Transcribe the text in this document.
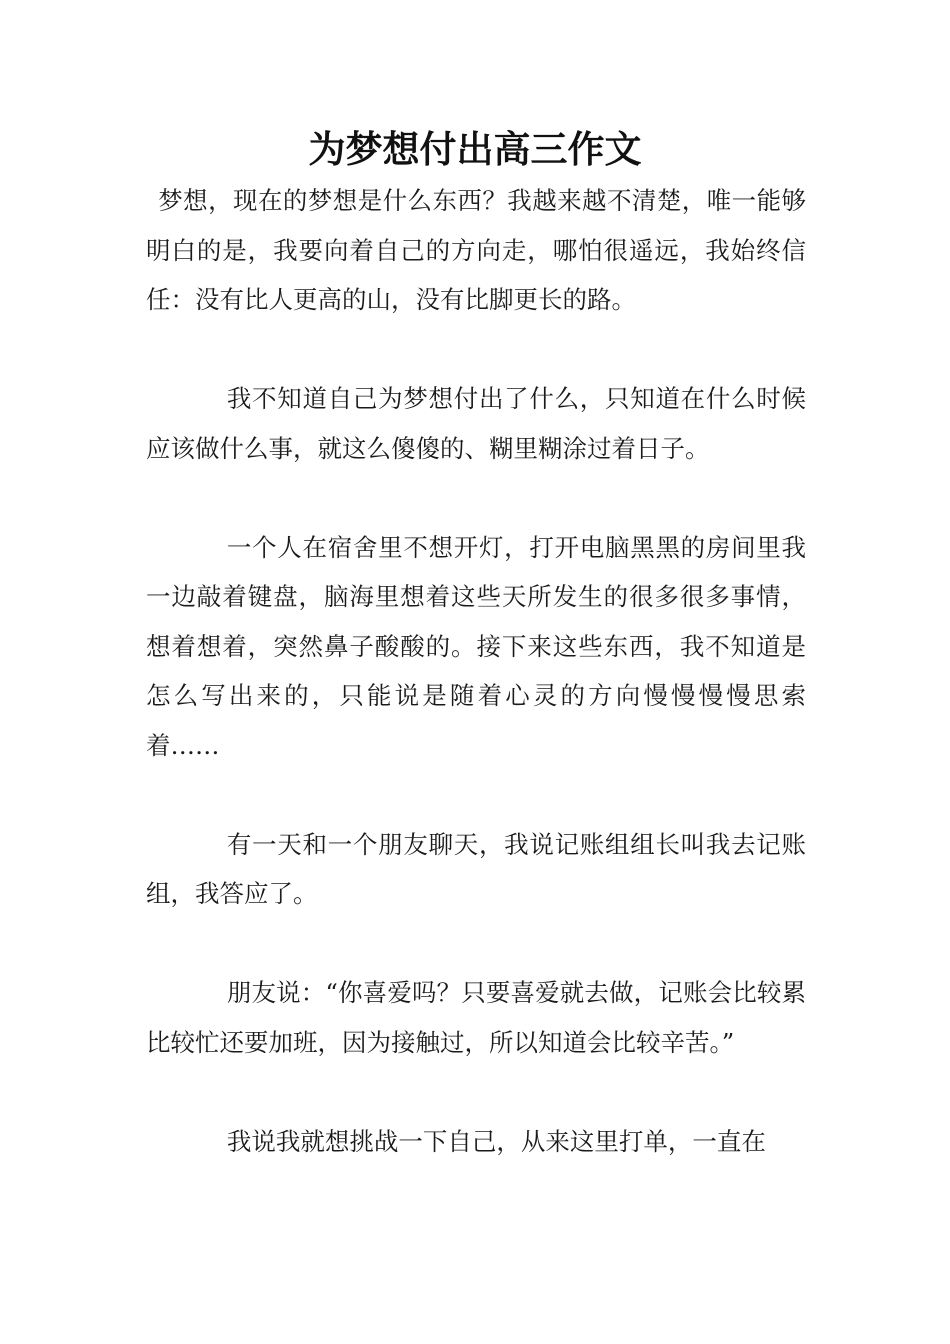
为梦想付出高三作文

梦想，现在的梦想是什么东西？我越来越不清楚，唯一能够明白的是，我要向着自己的方向走，哪怕很遥远，我始终信任：没有比人更高的山，没有比脚更长的路。

我不知道自己为梦想付出了什么，只知道在什么时候应该做什么事，就这么傻傻的、糊里糊涂过着日子。

一个人在宿舍里不想开灯，打开电脑黑黑的房间里我一边敲着键盘，脑海里想着这些天所发生的很多很多事情，想着想着，突然鼻子酸酸的。接下来这些东西，我不知道是怎么写出来的，只能说是随着心灵的方向慢慢慢慢思索着……

有一天和一个朋友聊天，我说记账组组长叫我去记账组，我答应了。

朋友说：“你喜爱吗？只要喜爱就去做，记账会比较累比较忙还要加班，因为接触过，所以知道会比较辛苦。”

我说我就想挑战一下自己，从来这里打单，一直在
